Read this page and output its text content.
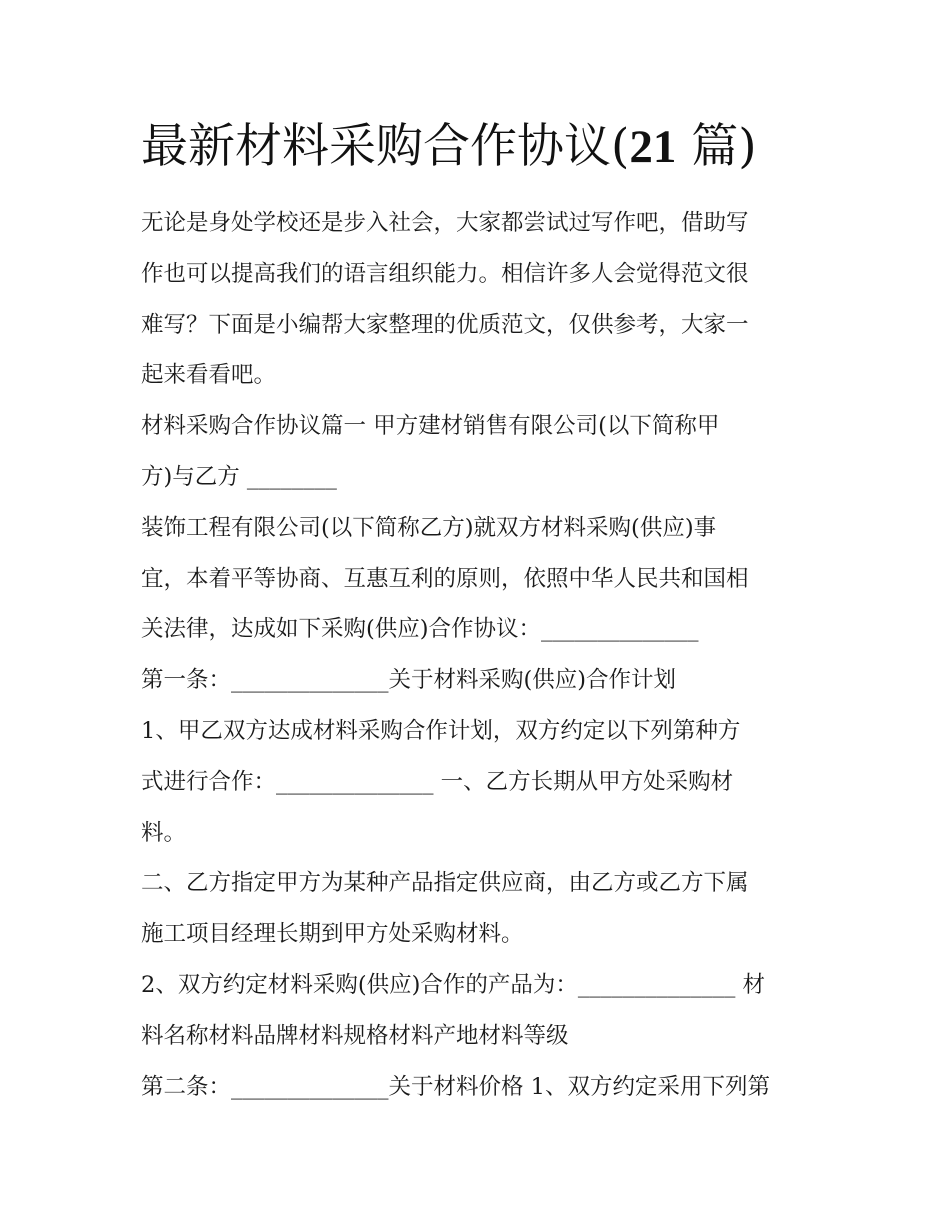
最新材料采购合作协议(21 篇)

无论是身处学校还是步入社会，大家都尝试过写作吧，借助写

作也可以提高我们的语言组织能力。相信许多人会觉得范文很

难写？下面是小编帮大家整理的优质范文，仅供参考，大家一

起来看看吧。

材料采购合作协议篇一 甲方建材销售有限公司(以下简称甲

方)与乙方 ________

装饰工程有限公司(以下简称乙方)就双方材料采购(供应)事

宜，本着平等协商、互惠互利的原则，依照中华人民共和国相

关法律，达成如下采购(供应)合作协议：______________

第一条：______________关于材料采购(供应)合作计划

1、甲乙双方达成材料采购合作计划，双方约定以下列第种方

式进行合作：______________ 一、乙方长期从甲方处采购材

料。

二、乙方指定甲方为某种产品指定供应商，由乙方或乙方下属

施工项目经理长期到甲方处采购材料。

2、双方约定材料采购(供应)合作的产品为：______________ 材

料名称材料品牌材料规格材料产地材料等级

第二条：______________关于材料价格 1、双方约定采用下列第
